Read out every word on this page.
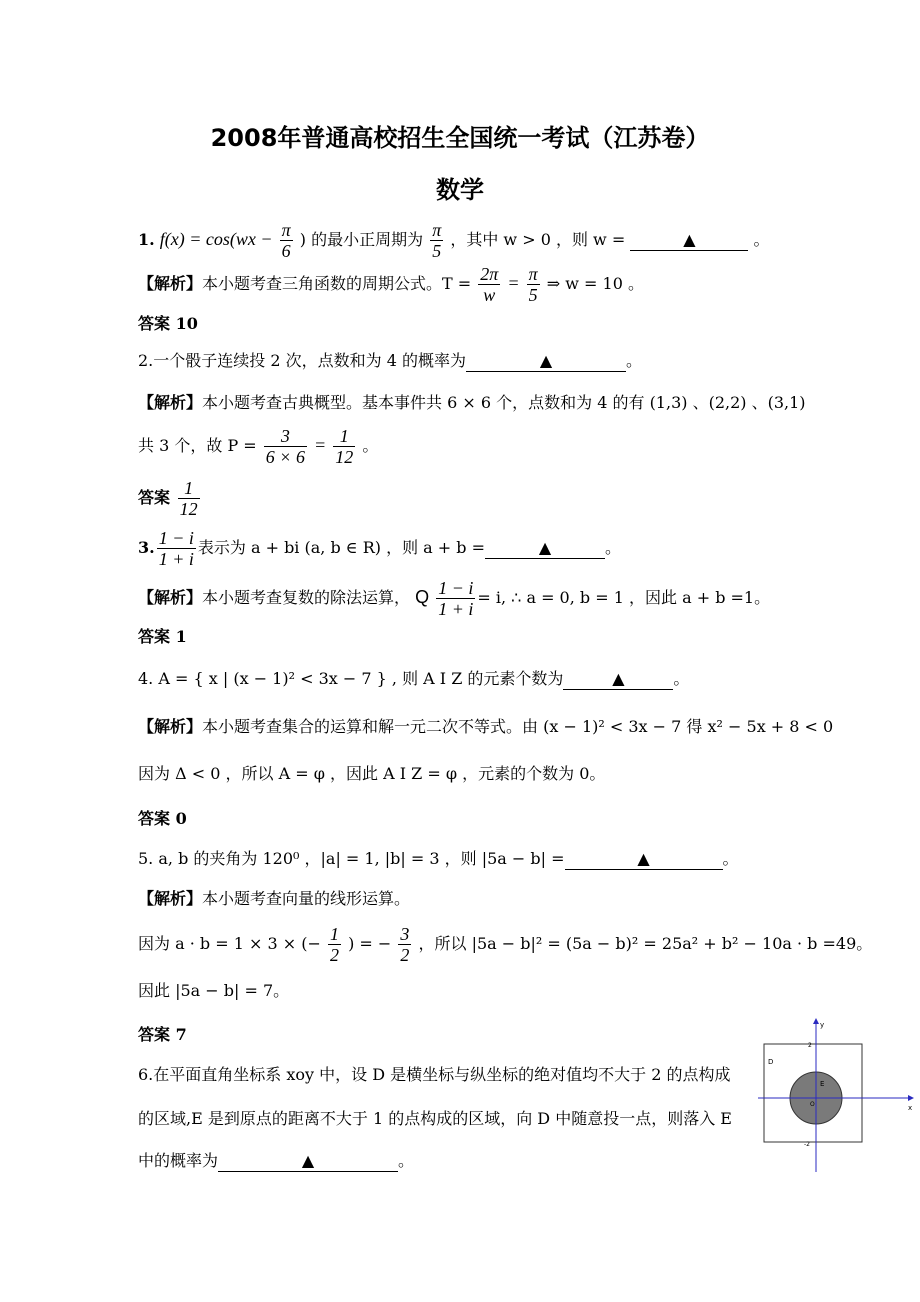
2008年普通高校招生全国统一考试（江苏卷）
数学
1. $f(x) = \cos(wx - \frac{\pi}{6}$ ) 的最小正周期为 $\frac{\pi}{5}$ ，其中 w > 0 ，则 w =	▲	。
【解析】本小题考查三角函数的周期公式。$T = \frac{2\pi}{w} = \frac{\pi}{5}$ ⇒ w = 10 。
答案 10
2.一个骰子连续投 2 次，点数和为 4 的概率为	▲	。
【解析】本小题考查古典概型。基本事件共 6 × 6 个，点数和为 4 的有 (1,3) 、(2,2) 、(3,1)
共 3 个，故 $P = \frac{3}{6 \times 6} = \frac{1}{12}$ 。
答案 $\frac{1}{12}$
3. $\frac{1 - i}{1 + i}$ 表示为 a + bi (a, b ∈ R) ，则 a + b =	▲	。
【解析】本小题考查复数的除法运算， Q $\frac{1 - i}{1 + i} = i$, ∴ a = 0, b = 1 ，因此 a + b =1。
答案 1
4. A = { x | (x − 1)² < 3x − 7 } , 则 A I Z 的元素个数为	▲	。
【解析】本小题考查集合的运算和解一元二次不等式。由 (x − 1)² < 3x − 7 得 x² − 5x + 8 < 0
因为 Δ < 0 ，所以 A = φ ，因此 A I Z = φ ，元素的个数为 0。
答案 0
5. a, b 的夹角为 120⁰ ，|a| = 1, |b| = 3 ，则 |5a − b| =	▲	。
【解析】本小题考查向量的线形运算。
因为 a · b = 1 × 3 × (− $\frac{1}{2}$ ) = − $\frac{3}{2}$ ，所以 |5a − b|² = (5a − b)² = 25a² + b² − 10a · b =49。
因此 |5a − b| = 7。
答案 7
6.在平面直角坐标系 xoy 中，设 D 是横坐标与纵坐标的绝对值均不大于 2 的点构成
的区域,E 是到原点的距离不大于 1 的点构成的区域，向 D 中随意投一点，则落入 E
中的概率为	▲	。
y
x
D
E
O
2
-2
